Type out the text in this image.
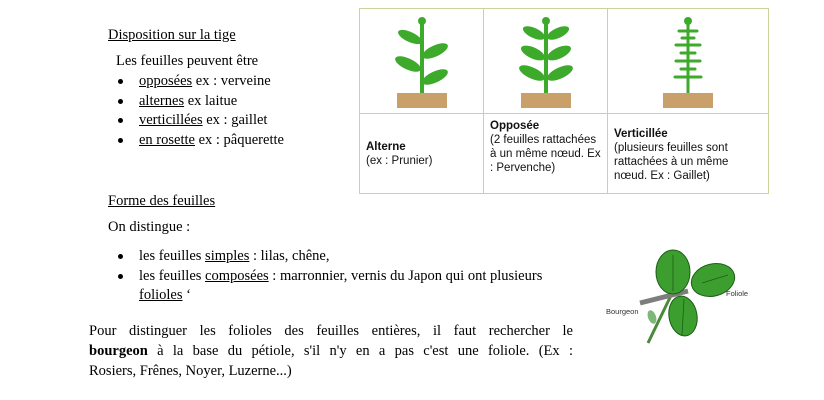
Disposition sur la tige
Les feuilles peuvent être
opposées ex : verveine
alternes ex laitue
verticillées ex : gaillet
en rosette ex : pâquerette	Alterne
(ex : Prunier)
Opposée
(2 feuilles rattachées à un même nœud. Ex : Pervenche)
Verticillée
(plusieurs feuilles sont rattachées à un même nœud. Ex : Gaillet)
Forme des feuilles
On distingue :
les feuilles simples : lilas, chêne,
les feuilles composées : marronnier, vernis du Japon qui ont plusieurs
folioles ‘
Bourgeon
Foliole
Pour distinguer les folioles des feuilles entières, il faut rechercher le
bourgeon à la base du pétiole, s'il n'y en a pas c'est une foliole. (Ex :
Rosiers, Frênes, Noyer, Luzerne...)
